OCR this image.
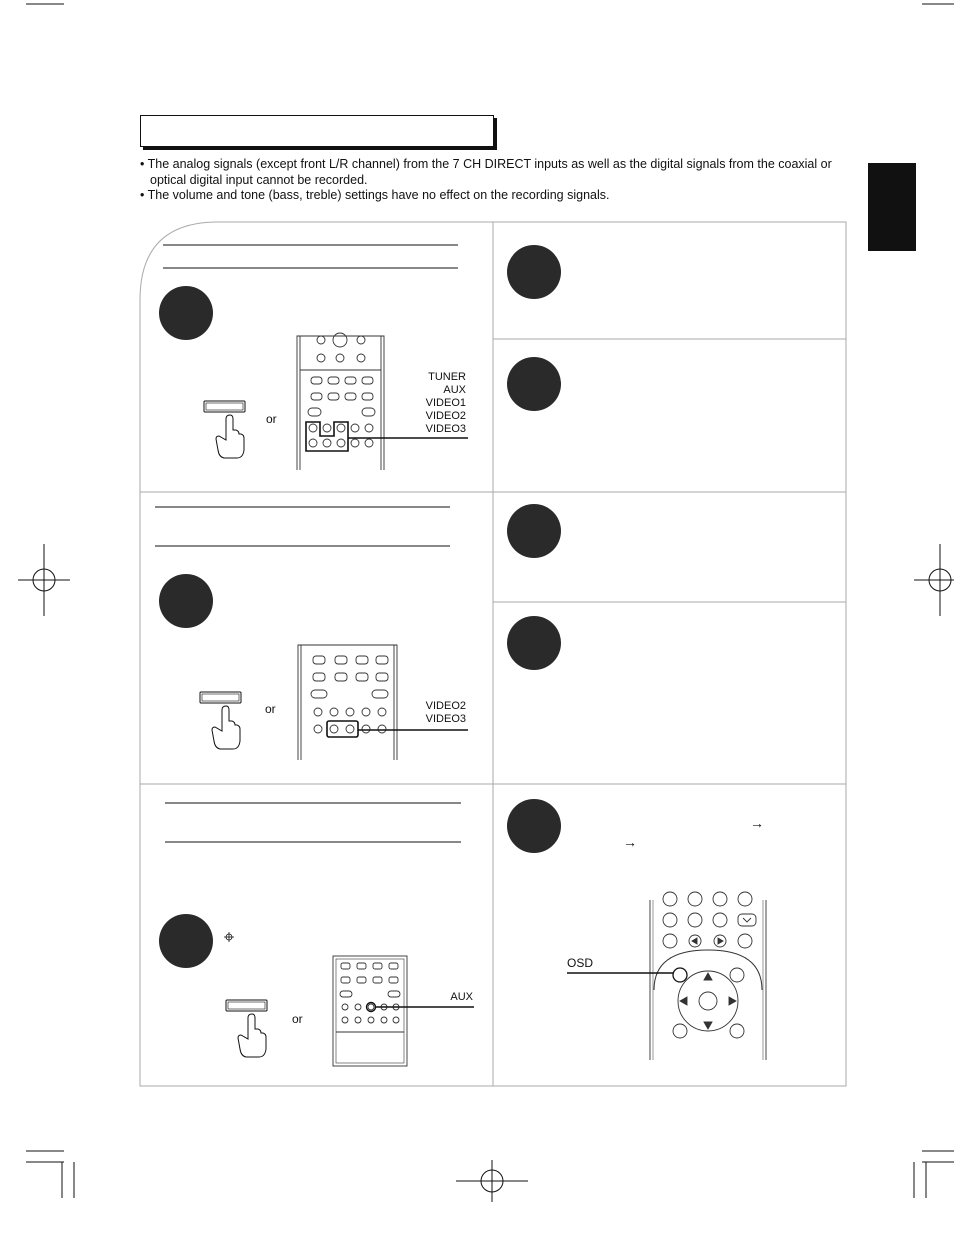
• The analog signals (except front L/R channel) from the 7 CH DIRECT inputs as well as the digital signals from the coaxial or optical digital input cannot be recorded.

• The volume and tone (bass, treble) settings have no effect on the recording signals.

TUNER
AUX
VIDEO1
VIDEO2
VIDEO3
or
VIDEO2
VIDEO3
or
AUX
or
→
→
OSD
